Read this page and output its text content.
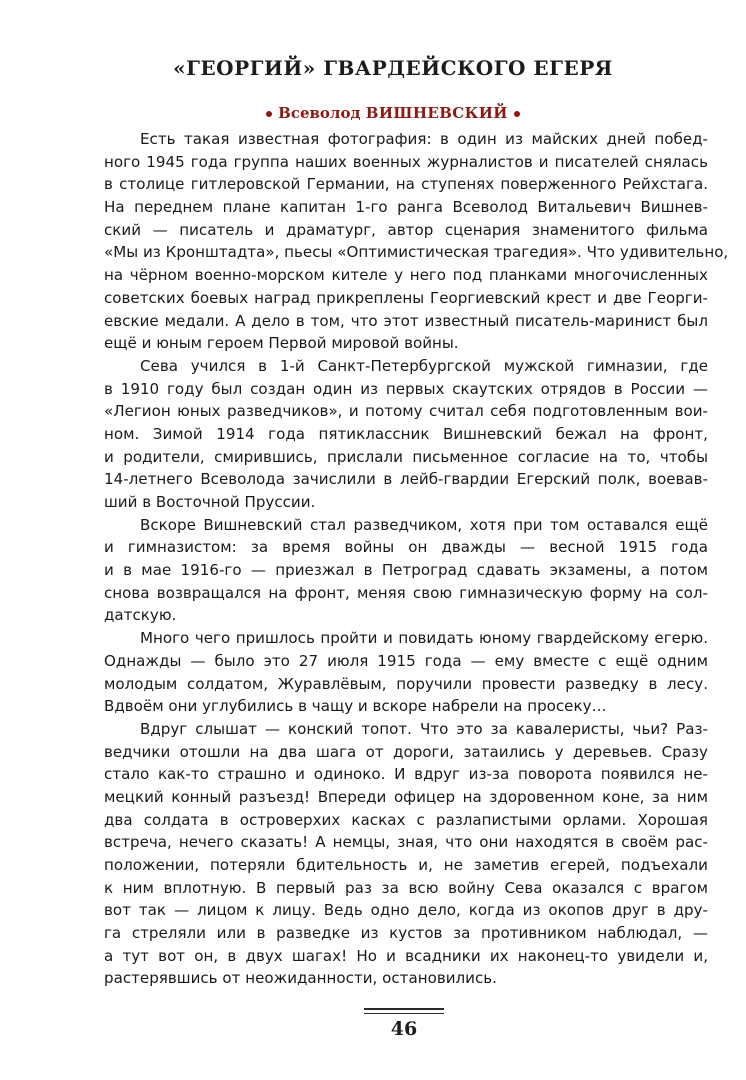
«ГЕОРГИЙ» ГВАРДЕЙСКОГО ЕГЕРЯ
Всеволод ВИШНЕВСКИЙ
Есть такая известная фотография: в один из майских дней побед-
ного 1945 года группа наших военных журналистов и писателей снялась
в столице гитлеровской Германии, на ступенях поверженного Рейхстага.
На переднем плане капитан 1-го ранга Всеволод Витальевич Вишнев-
ский — писатель и драматург, автор сценария знаменитого фильма
«Мы из Кронштадта», пьесы «Оптимистическая трагедия». Что удивительно,
на чёрном военно-морском кителе у него под планками многочисленных
советских боевых наград прикреплены Георгиевский крест и две Георги-
евские медали. А дело в том, что этот известный писатель-маринист был
ещё и юным героем Первой мировой войны.
Сева учился в 1-й Санкт-Петербургской мужской гимназии, где
в 1910 году был создан один из первых скаутских отрядов в России —
«Легион юных разведчиков», и потому считал себя подготовленным вои-
ном. Зимой 1914 года пятиклассник Вишневский бежал на фронт,
и родители, смирившись, прислали письменное согласие на то, чтобы
14-летнего Всеволода зачислили в лейб-гвардии Егерский полк, воевав-
ший в Восточной Пруссии.
Вскоре Вишневский стал разведчиком, хотя при том оставался ещё
и гимназистом: за время войны он дважды — весной 1915 года
и в мае 1916-го — приезжал в Петроград сдавать экзамены, а потом
снова возвращался на фронт, меняя свою гимназическую форму на сол-
датскую.
Много чего пришлось пройти и повидать юному гвардейскому егерю.
Однажды — было это 27 июля 1915 года — ему вместе с ещё одним
молодым солдатом, Журавлёвым, поручили провести разведку в лесу.
Вдвоём они углубились в чащу и вскоре набрели на просеку…
Вдруг слышат — конский топот. Что это за кавалеристы, чьи? Раз-
ведчики отошли на два шага от дороги, затаились у деревьев. Сразу
стало как-то страшно и одиноко. И вдруг из-за поворота появился не-
мецкий конный разъезд! Впереди офицер на здоровенном коне, за ним
два солдата в островерхих касках с разлапистыми орлами. Хорошая
встреча, нечего сказать! А немцы, зная, что они находятся в своём рас-
положении, потеряли бдительность и, не заметив егерей, подъехали
к ним вплотную. В первый раз за всю войну Сева оказался с врагом
вот так — лицом к лицу. Ведь одно дело, когда из окопов друг в дру-
га стреляли или в разведке из кустов за противником наблюдал, —
а тут вот он, в двух шагах! Но и всадники их наконец-то увидели и,
растерявшись от неожиданности, остановились.
46
